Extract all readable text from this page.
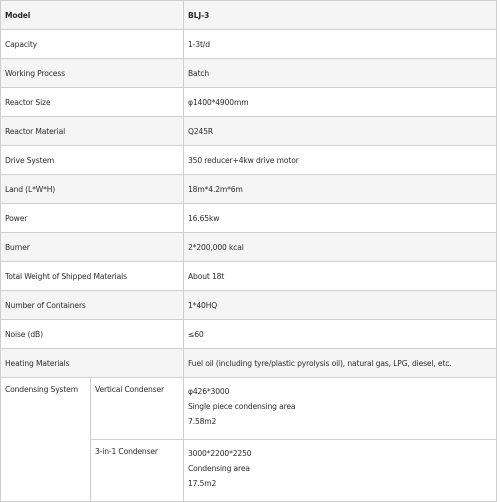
Model		BLJ-3
Capacity		1-3t/d
Working Process		Batch
Reactor Size		φ1400*4900mm
Reactor Material		Q245R
Drive System		350 reducer+4kw drive motor
Land (L*W*H)		18m*4.2m*6m
Power		16.65kw
Burner		2*200,000 kcal
Total Weight of Shipped Materials		About 18t
Number of Containers		1*40HQ
Noise (dB)		≤60
Heating Materials		Fuel oil (including tyre/plastic pyrolysis oil), natural gas, LPG, diesel, etc.
Condensing System	Vertical Condenser	φ426*3000
Single piece condensing area
7.58m2

	3-in-1 Condenser	3000*2200*2250
Condensing area
17.5m2
